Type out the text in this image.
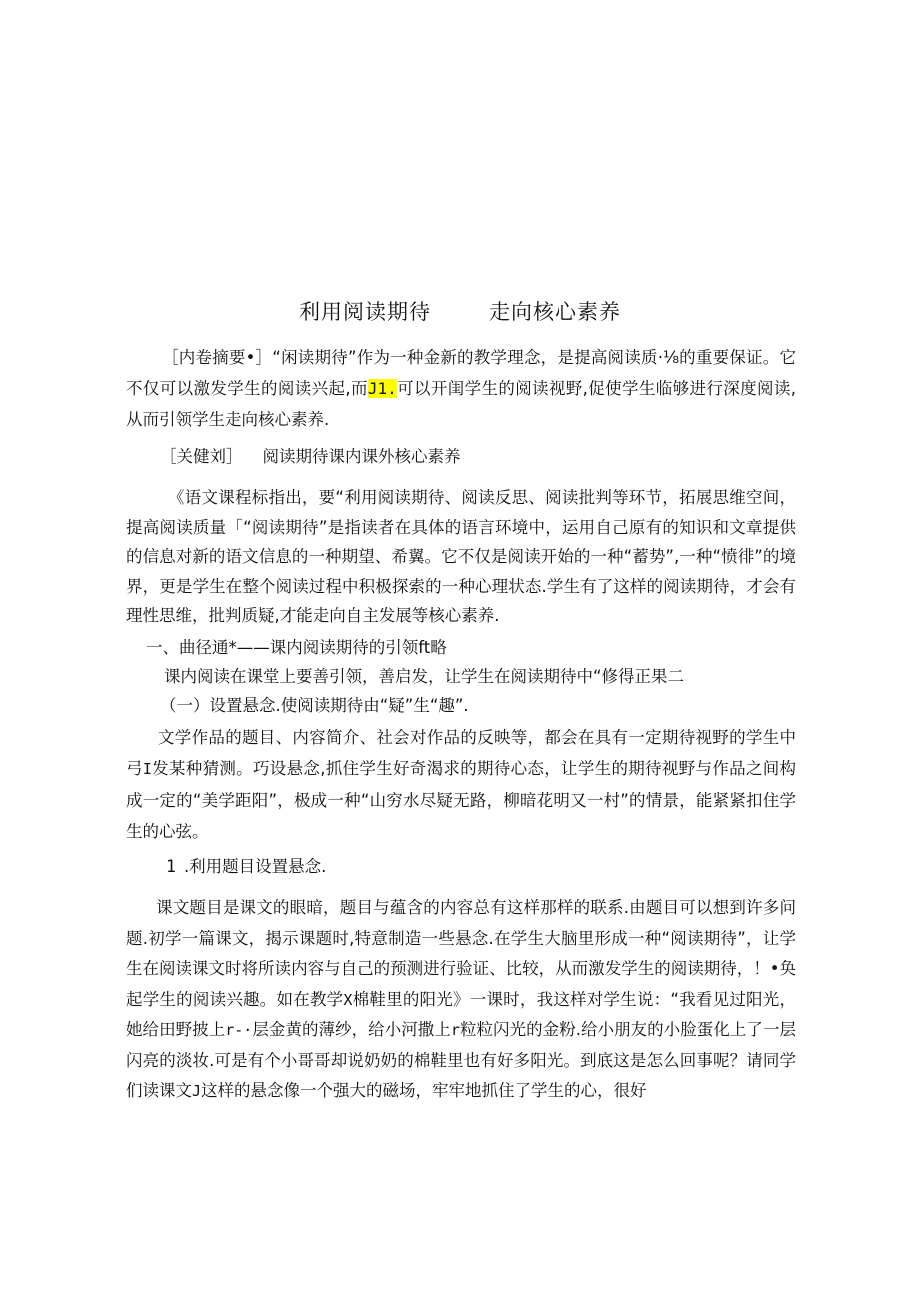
利用阅读期待	走向核心素养
［内卷摘要•］“闲读期待”作为一种金新的教学理念，是提高阅读质·⅛的重要保证。它不仅可以激发学生的阅读兴起,而J1.可以开闺学生的阅读视野,促使学生临够进行深度阅读,从而引领学生走向核心素养.
［关健刘］ 阅读期待课内课外核心素养
《语文课程标指出，要“利用阅读期待、阅读反思、阅读批判等环节，拓展思维空间，提高阅读质量「“阅读期待”是指读者在具体的语言环境中，运用自己原有的知识和文章提供的信息对新的语文信息的一种期望、希翼。它不仅是阅读开始的一种“蓄势”,一种“愤徘”的境界，更是学生在整个阅读过程中积极探索的一种心理状态.学生有了这样的阅读期待，才会有理性思维，批判质疑,才能走向自主发展等核心素养.
一、曲径通*——课内阅读期待的引领ft略
课内阅读在课堂上要善引领，善启发，让学生在阅读期待中“修得正果二
（一）设置悬念.使阅读期待由“疑”生“趣”.
文学作品的题目、内容简介、社会对作品的反映等，都会在具有一定期待视野的学生中弓I发某种猜测。巧设悬念,抓住学生好奇渴求的期待心态，让学生的期待视野与作品之间构成一定的“美学距阳”，极成一种“山穷水尽疑无路，柳暗花明又一村”的情景，能紧紧扣住学生的心弦。
1 .利用题目设置悬念.
课文题目是课文的眼暗，题目与蕴含的内容总有这样那样的联系.由题目可以想到许多问题.初学一篇课文，揭示课题时,特意制造一些悬念.在学生大脑里形成一种“阅读期待”，让学生在阅读课文时将所读内容与自己的预测进行验证、比较，从而激发学生的阅读期待，！•奂起学生的阅读兴趣。如在教学X棉鞋里的阳光》一课时，我这样对学生说：“我看见过阳光，她给田野披上r-·层金黄的薄纱，给小河撒上r粒粒闪光的金粉.给小朋友的小脸蛋化上了一层闪亮的淡妆.可是有个小哥哥却说奶奶的棉鞋里也有好多阳光。到底这是怎么回事呢？请同学们读课文J这样的悬念像一个强大的磁场，牢牢地抓住了学生的心，很好
